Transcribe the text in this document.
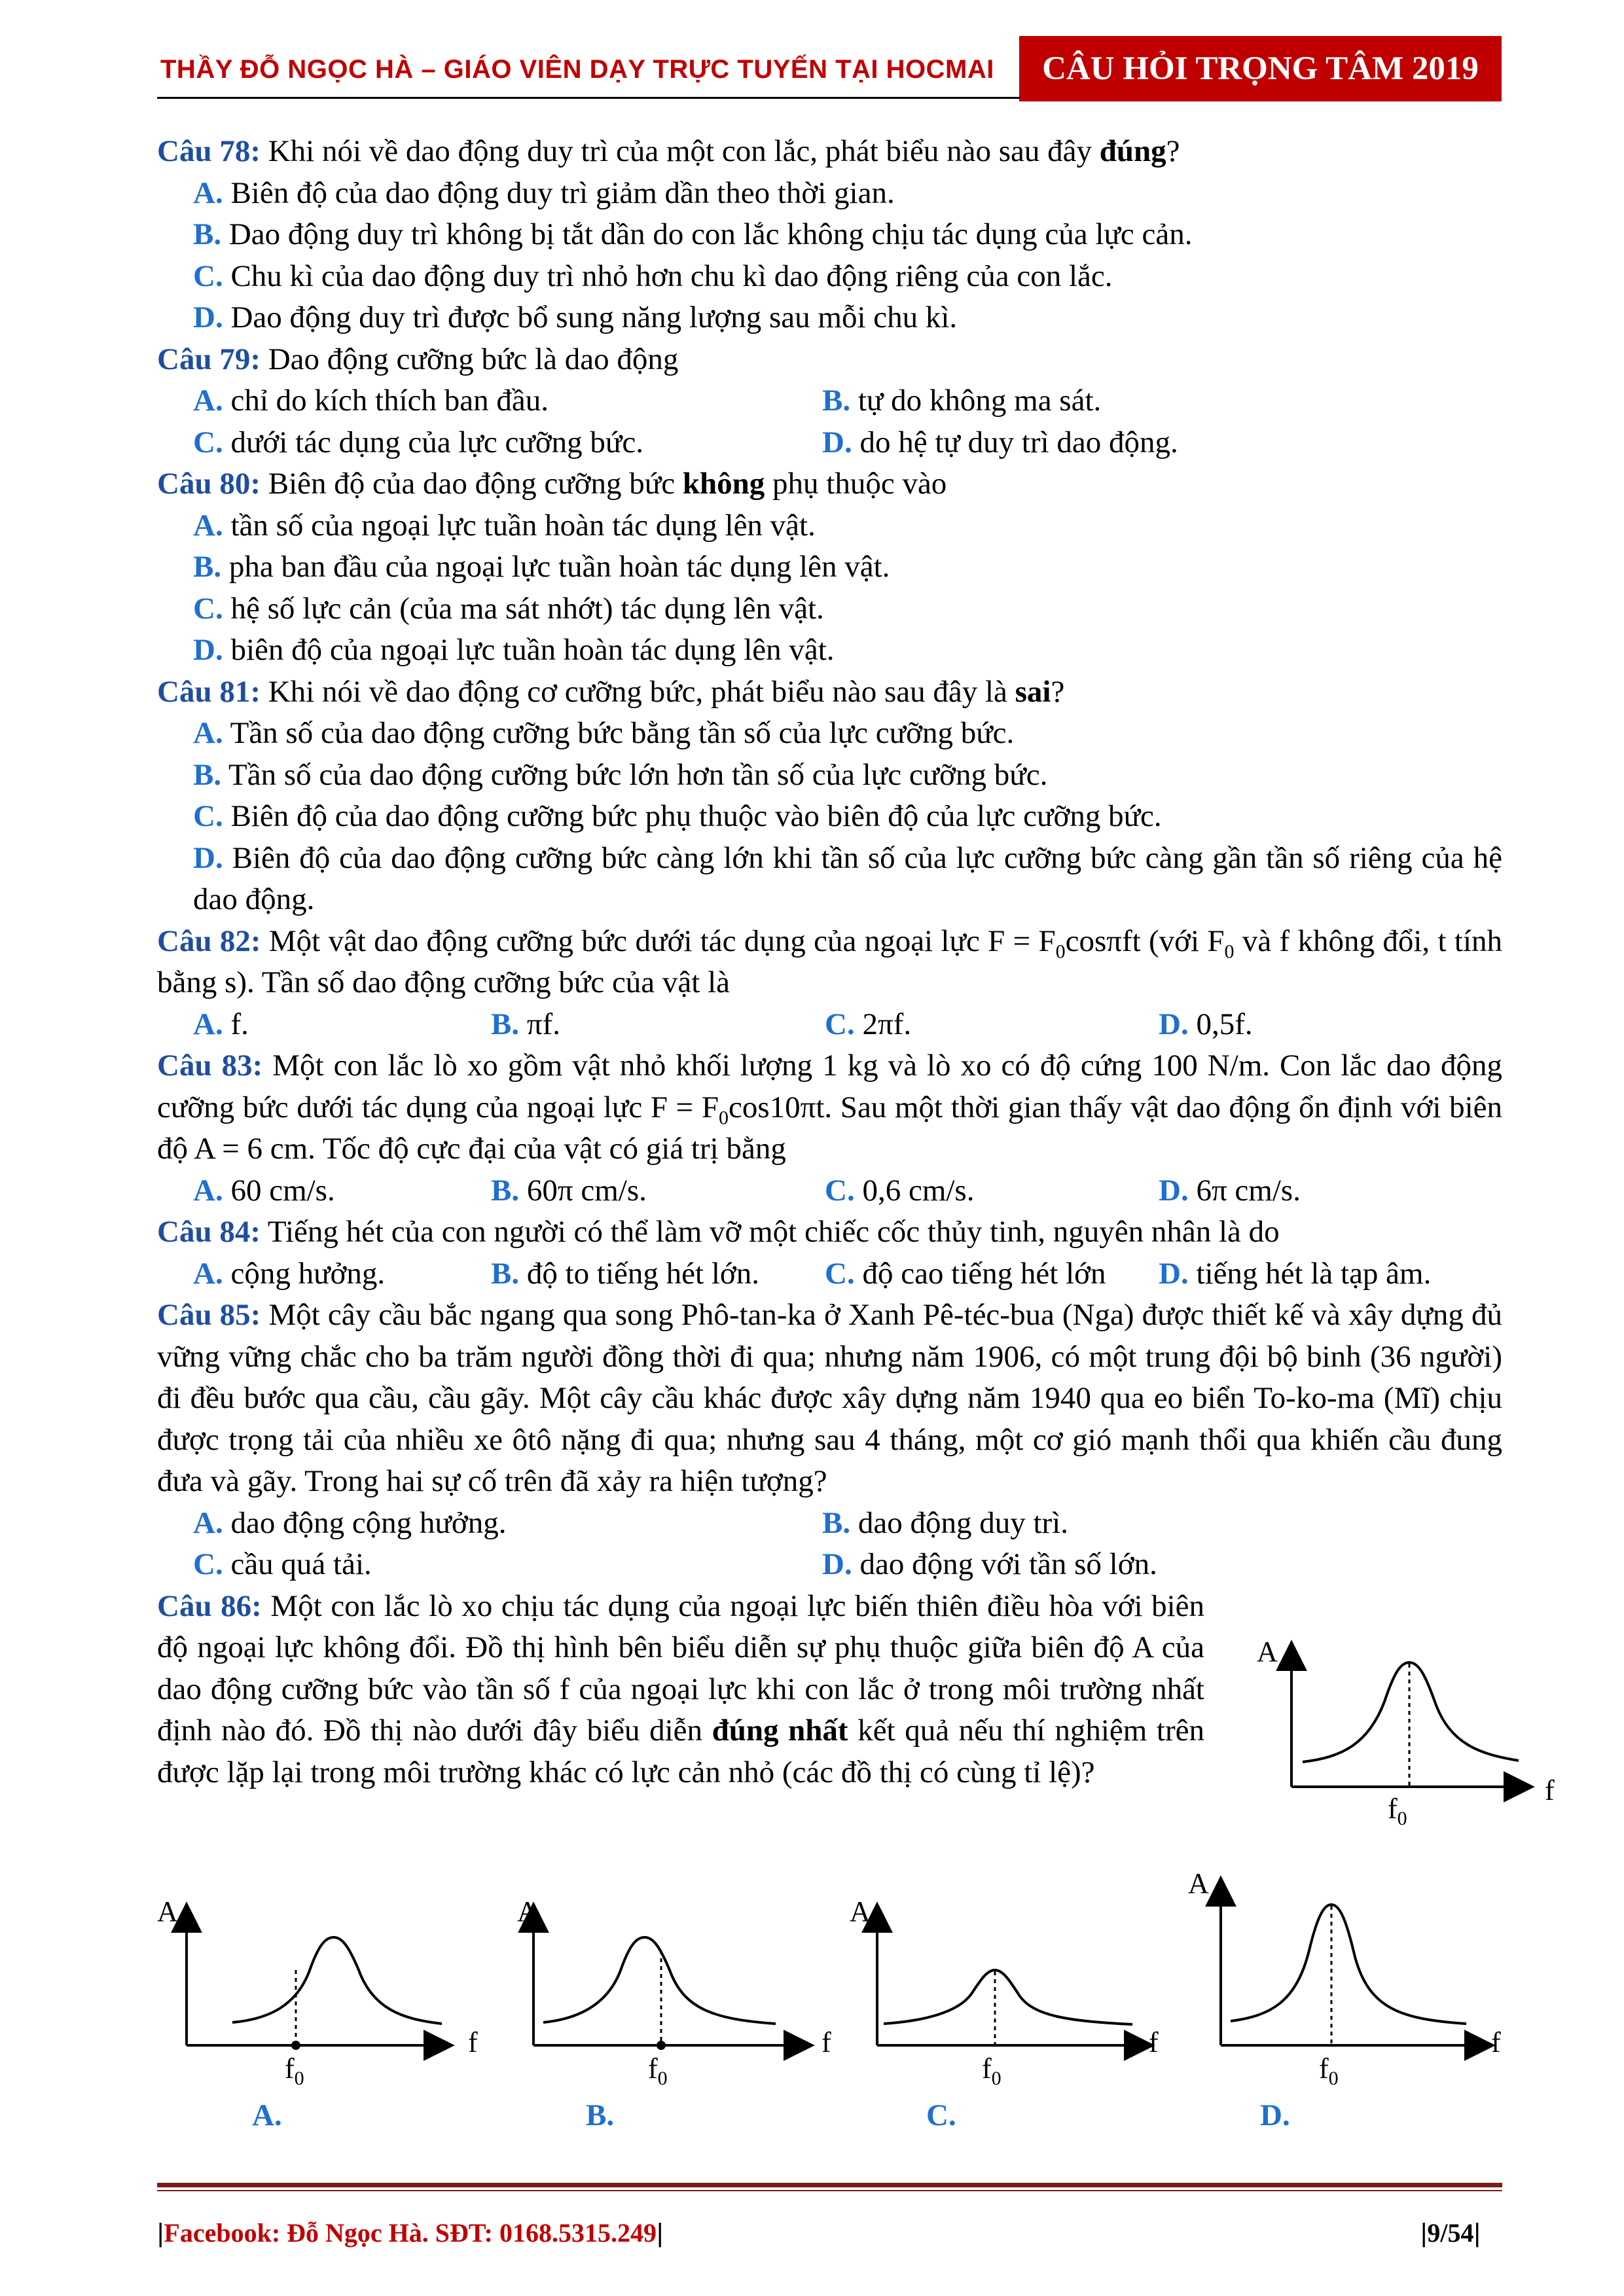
THẦY ĐỖ NGỌC HÀ – GIÁO VIÊN DẠY TRỰC TUYẾN TẠI HOCMAI	CÂU HỎI TRỌNG TÂM 2019
Câu 78: Khi nói về dao động duy trì của một con lắc, phát biểu nào sau đây đúng?
A. Biên độ của dao động duy trì giảm dần theo thời gian.
B. Dao động duy trì không bị tắt dần do con lắc không chịu tác dụng của lực cản.
C. Chu kì của dao động duy trì nhỏ hơn chu kì dao động riêng của con lắc.
D. Dao động duy trì được bổ sung năng lượng sau mỗi chu kì.
Câu 79: Dao động cưỡng bức là dao động
A. chỉ do kích thích ban đầu.	B. tự do không ma sát.
C. dưới tác dụng của lực cưỡng bức.	D. do hệ tự duy trì dao động.
Câu 80: Biên độ của dao động cưỡng bức không phụ thuộc vào
A. tần số của ngoại lực tuần hoàn tác dụng lên vật.
B. pha ban đầu của ngoại lực tuần hoàn tác dụng lên vật.
C. hệ số lực cản (của ma sát nhớt) tác dụng lên vật.
D. biên độ của ngoại lực tuần hoàn tác dụng lên vật.
Câu 81: Khi nói về dao động cơ cưỡng bức, phát biểu nào sau đây là sai?
A. Tần số của dao động cưỡng bức bằng tần số của lực cưỡng bức.
B. Tần số của dao động cưỡng bức lớn hơn tần số của lực cưỡng bức.
C. Biên độ của dao động cưỡng bức phụ thuộc vào biên độ của lực cưỡng bức.
D. Biên độ của dao động cưỡng bức càng lớn khi tần số của lực cưỡng bức càng gần tần số riêng của hệ dao động.
Câu 82: Một vật dao động cưỡng bức dưới tác dụng của ngoại lực $F = F_0\cos\pi ft$ (với $F_0$ và f không đổi, t tính bằng s). Tần số dao động cưỡng bức của vật là
A. f.	B. πf.	C. 2πf.	D. 0,5f.
Câu 83: Một con lắc lò xo gồm vật nhỏ khối lượng 1 kg và lò xo có độ cứng 100 N/m. Con lắc dao động cưỡng bức dưới tác dụng của ngoại lực $F = F_0\cos 10\pi t$. Sau một thời gian thấy vật dao động ổn định với biên độ A = 6 cm. Tốc độ cực đại của vật có giá trị bằng
A. 60 cm/s.	B. 60π cm/s.	C. 0,6 cm/s.	D. 6π cm/s.
Câu 84: Tiếng hét của con người có thể làm vỡ một chiếc cốc thủy tinh, nguyên nhân là do
A. cộng hưởng.	B. độ to tiếng hét lớn.	C. độ cao tiếng hét lớn	D. tiếng hét là tạp âm.
Câu 85: Một cây cầu bắc ngang qua song Phô-tan-ka ở Xanh Pê-téc-bua (Nga) được thiết kế và xây dựng đủ vững vững chắc cho ba trăm người đồng thời đi qua; nhưng năm 1906, có một trung đội bộ binh (36 người) đi đều bước qua cầu, cầu gãy. Một cây cầu khác được xây dựng năm 1940 qua eo biển To-ko-ma (Mĩ) chịu được trọng tải của nhiều xe ôtô nặng đi qua; nhưng sau 4 tháng, một cơ gió mạnh thổi qua khiến cầu đung đưa và gãy. Trong hai sự cố trên đã xảy ra hiện tượng?
A. dao động cộng hưởng.	B. dao động duy trì.
C. cầu quá tải.	D. dao động với tần số lớn.
Câu 86: Một con lắc lò xo chịu tác dụng của ngoại lực biến thiên điều hòa với biên độ ngoại lực không đổi. Đồ thị hình bên biểu diễn sự phụ thuộc giữa biên độ A của dao động cưỡng bức vào tần số f của ngoại lực khi con lắc ở trong môi trường nhất định nào đó. Đồ thị nào dưới đây biểu diễn đúng nhất kết quả nếu thí nghiệm trên được lặp lại trong môi trường khác có lực cản nhỏ (các đồ thị có cùng tỉ lệ)?
A
f
$f_0$
A
f
$f_0$
A
f
$f_0$
A
f
$f_0$
A
f
$f_0$
A.	B.	C.	D.
|Facebook: Đỗ Ngọc Hà. SĐT: 0168.5315.249|	|9/54|
